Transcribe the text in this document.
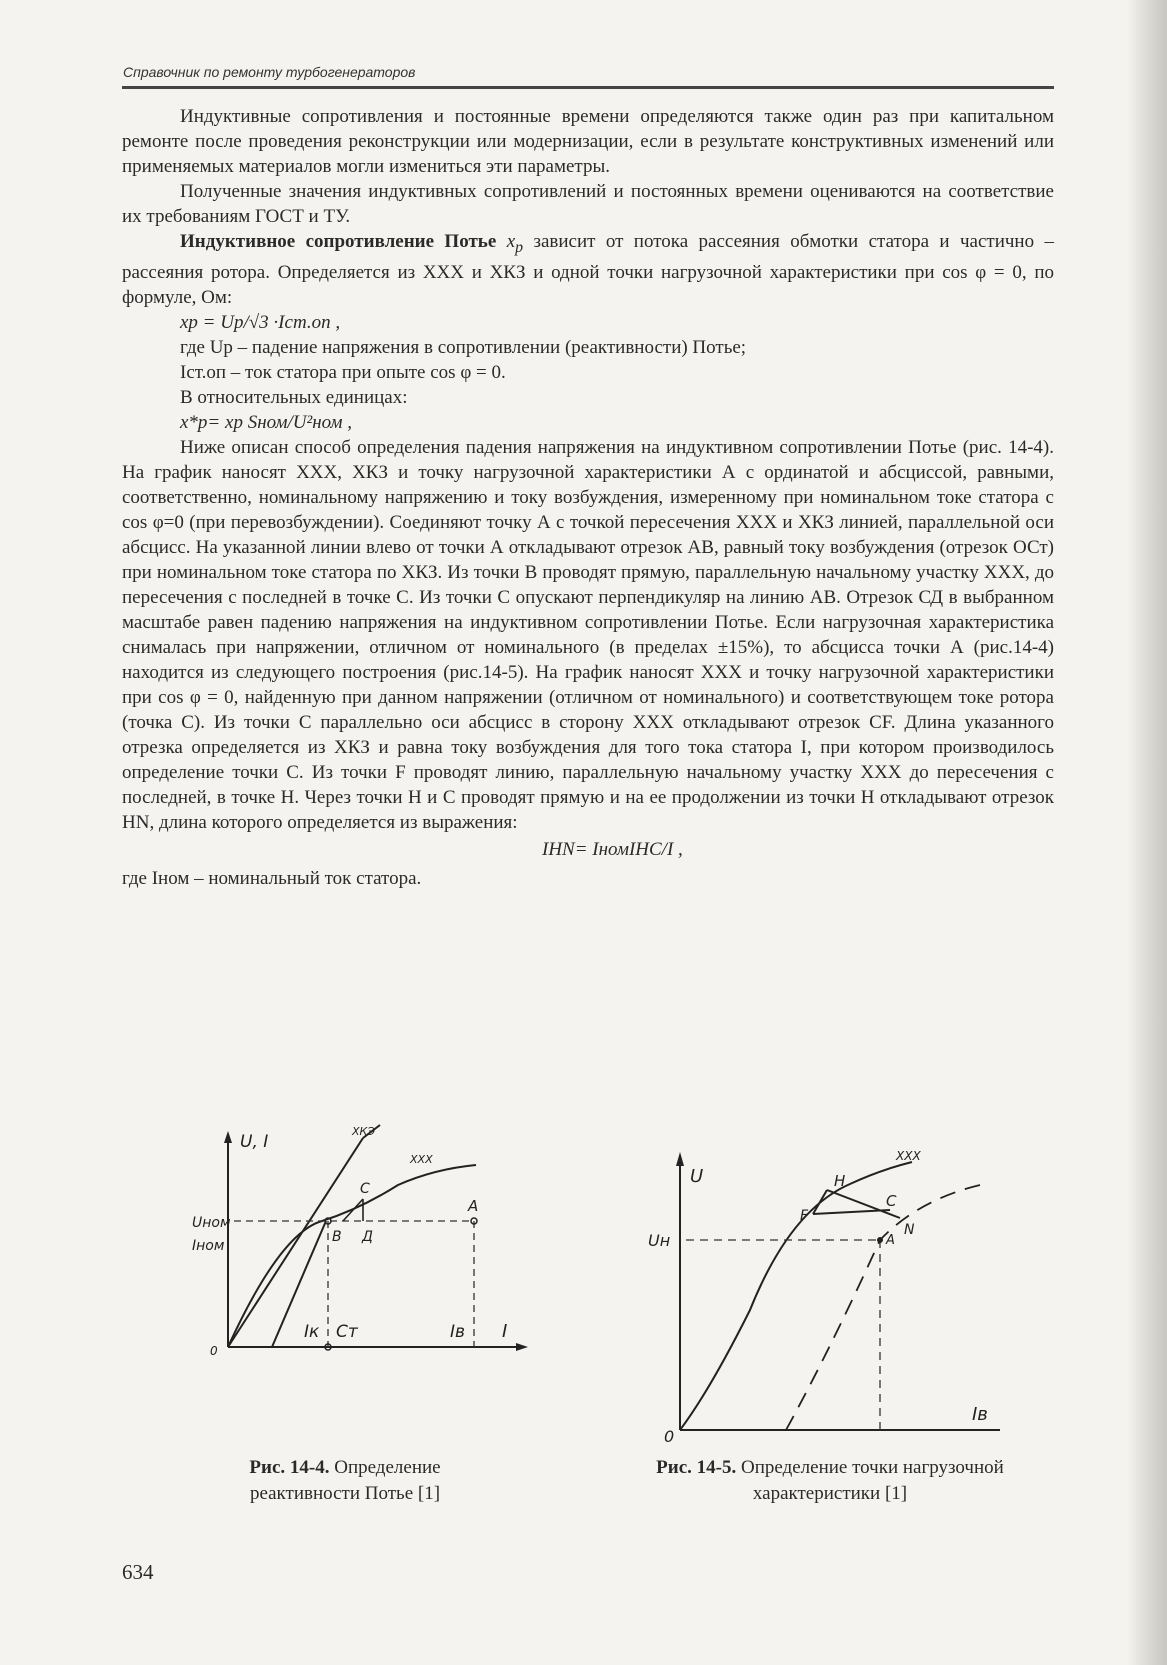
Справочник по ремонту турбогенераторов

Индуктивные сопротивления и постоянные времени определяются также один раз при капитальном ремонте после проведения реконструкции или модернизации, если в результате конструктивных изменений или применяемых материалов могли измениться эти параметры.

Полученные значения индуктивных сопротивлений и постоянных времени оцениваются на соответствие их требованиям ГОСТ и ТУ.

Индуктивное сопротивление Потье $x_p$ зависит от потока рассеяния обмотки статора и частично – рассеяния ротора. Определяется из ХХХ и ХКЗ и одной точки нагрузочной характеристики при cos φ = 0, по формуле, Ом:

xp = Up/√3 ·Iст.оп ,

где Up – падение напряжения в сопротивлении (реактивности) Потье;

Iст.оп – ток статора при опыте cos φ = 0.

В относительных единицах:

x*p= xp Sном/U²ном ,

Ниже описан способ определения падения напряжения на индуктивном сопротивлении Потье (рис. 14-4). На график наносят ХХХ, ХКЗ и точку нагрузочной характеристики А с ординатой и абсциссой, равными, соответственно, номинальному напряжению и току возбуждения, измеренному при номинальном токе статора с cos φ=0 (при перевозбуждении). Соединяют точку А с точкой пересечения ХХХ и ХКЗ линией, параллельной оси абсцисс. На указанной линии влево от точки А откладывают отрезок АВ, равный току возбуждения (отрезок ОСт) при номинальном токе статора по ХКЗ. Из точки В проводят прямую, параллельную начальному участку ХХХ, до пересечения с последней в точке С. Из точки С опускают перпендикуляр на линию АВ. Отрезок СД в выбранном масштабе равен падению напряжения на индуктивном сопротивлении Потье. Если нагрузочная характеристика снималась при напряжении, отличном от номинального (в пределах ±15%), то абсцисса точки А (рис.14-4) находится из следующего построения (рис.14-5). На график наносят ХХХ и точку нагрузочной характеристики при cos φ = 0, найденную при данном напряжении (отличном от номинального) и соответствующем токе ротора (точка С). Из точки С параллельно оси абсцисс в сторону ХХХ откладывают отрезок CF. Длина указанного отрезка определяется из ХКЗ и равна току возбуждения для того тока статора I, при котором производилось определение точки С. Из точки F проводят линию, параллельную начальному участку ХХХ до пересечения с последней, в точке H. Через точки H и С проводят прямую и на ее продолжении из точки H откладывают отрезок HN, длина которого определяется из выражения:

IHN= IномIHC/I ,

где Iном – номинальный ток статора.

U, I
I
ХКЭ
ХХХ
Uном
Iном
0
A
В
С
Д
Iк Cт	Iв
Рис. 14-4. Определение реактивности Потье [1]
U
Iв
ХХХ
Uн
0
H
C
F
N
A
Рис. 14-5. Определение точки нагрузочной характеристики [1]
634
